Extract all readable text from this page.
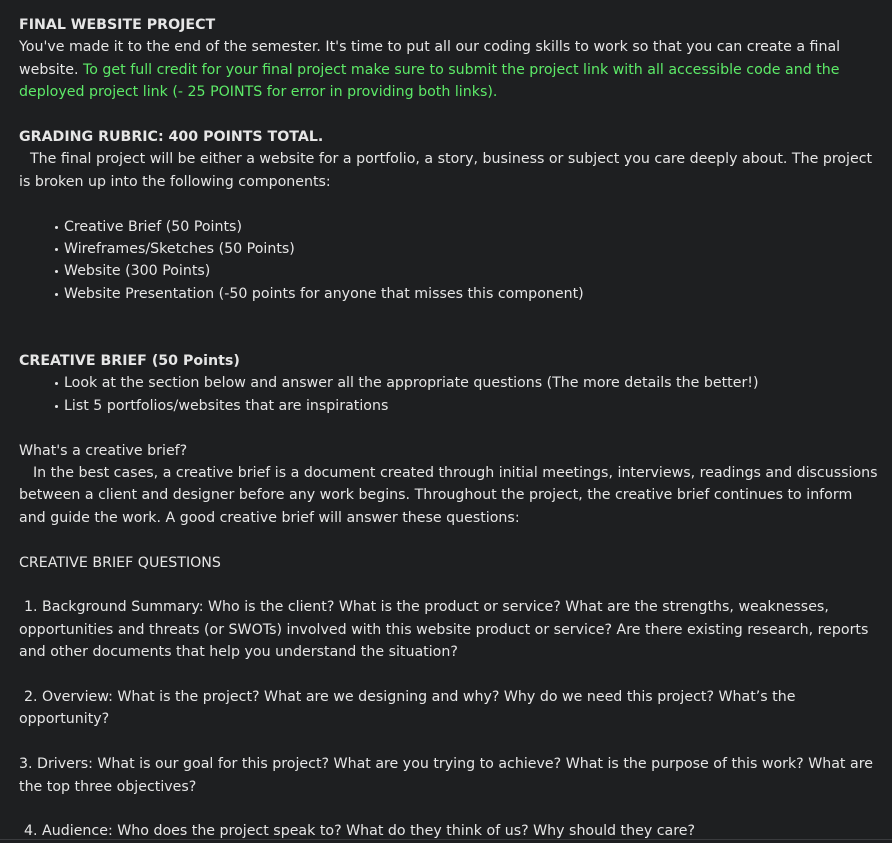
FINAL WEBSITE PROJECT

You've made it to the end of the semester. It's time to put all our coding skills to work so that you can create a final website. To get full credit for your final project make sure to submit the project link with all accessible code and the deployed project link (- 25 POINTS for error in providing both links).

GRADING RUBRIC: 400 POINTS TOTAL.

The final project will be either a website for a portfolio, a story, business or subject you care deeply about. The project is broken up into the following components:

Creative Brief (50 Points)
Wireframes/Sketches (50 Points)
Website (300 Points)
Website Presentation (-50 points for anyone that misses this component)

CREATIVE BRIEF (50 Points)

Look at the section below and answer all the appropriate questions (The more details the better!)
List 5 portfolios/websites that are inspirations

What's a creative brief?

In the best cases, a creative brief is a document created through initial meetings, interviews, readings and discussions between a client and designer before any work begins. Throughout the project, the creative brief continues to inform and guide the work. A good creative brief will answer these questions:

CREATIVE BRIEF QUESTIONS

1. Background Summary: Who is the client? What is the product or service? What are the strengths, weaknesses, opportunities and threats (or SWOTs) involved with this website product or service? Are there existing research, reports and other documents that help you understand the situation?

2. Overview: What is the project? What are we designing and why? Why do we need this project? What’s the opportunity?

3. Drivers: What is our goal for this project? What are you trying to achieve? What is the purpose of this work? What are the top three objectives?

4. Audience: Who does the project speak to? What do they think of us? Why should they care?
